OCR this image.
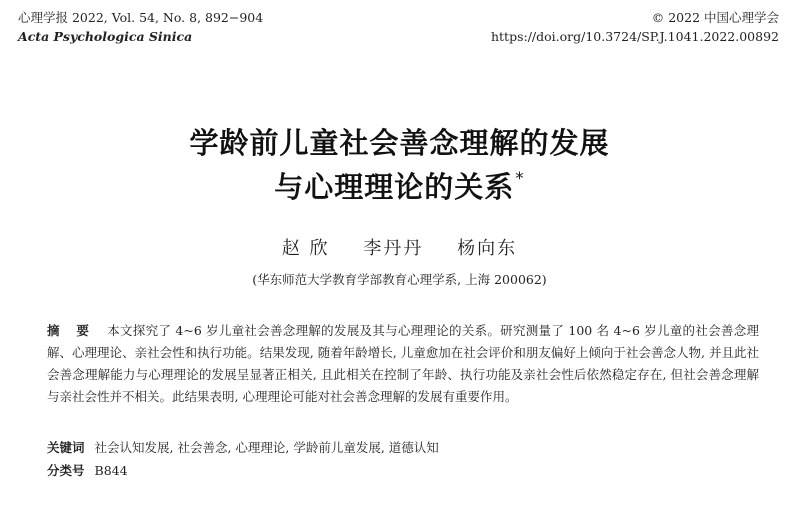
心理学报 2022, Vol. 54, No. 8, 892−904
Acta Psychologica Sinica
© 2022 中国心理学会
https://doi.org/10.3724/SP.J.1041.2022.00892
学龄前儿童社会善念理解的发展
与心理理论的关系*
赵 欣 李丹丹 杨向东
(华东师范大学教育学部教育心理学系, 上海 200062)
摘 要 本文探究了 4~6 岁儿童社会善念理解的发展及其与心理理论的关系。研究测量了 100 名 4~6 岁儿童的社会善念理解、心理理论、亲社会性和执行功能。结果发现, 随着年龄增长, 儿童愈加在社会评价和朋友偏好上倾向于社会善念人物, 并且此社会善念理解能力与心理理论的发展呈显著正相关, 且此相关在控制了年龄、执行功能及亲社会性后依然稳定存在, 但社会善念理解与亲社会性并不相关。此结果表明, 心理理论可能对社会善念理解的发展有重要作用。
关键词 社会认知发展, 社会善念, 心理理论, 学龄前儿童发展, 道德认知
分类号 B844
